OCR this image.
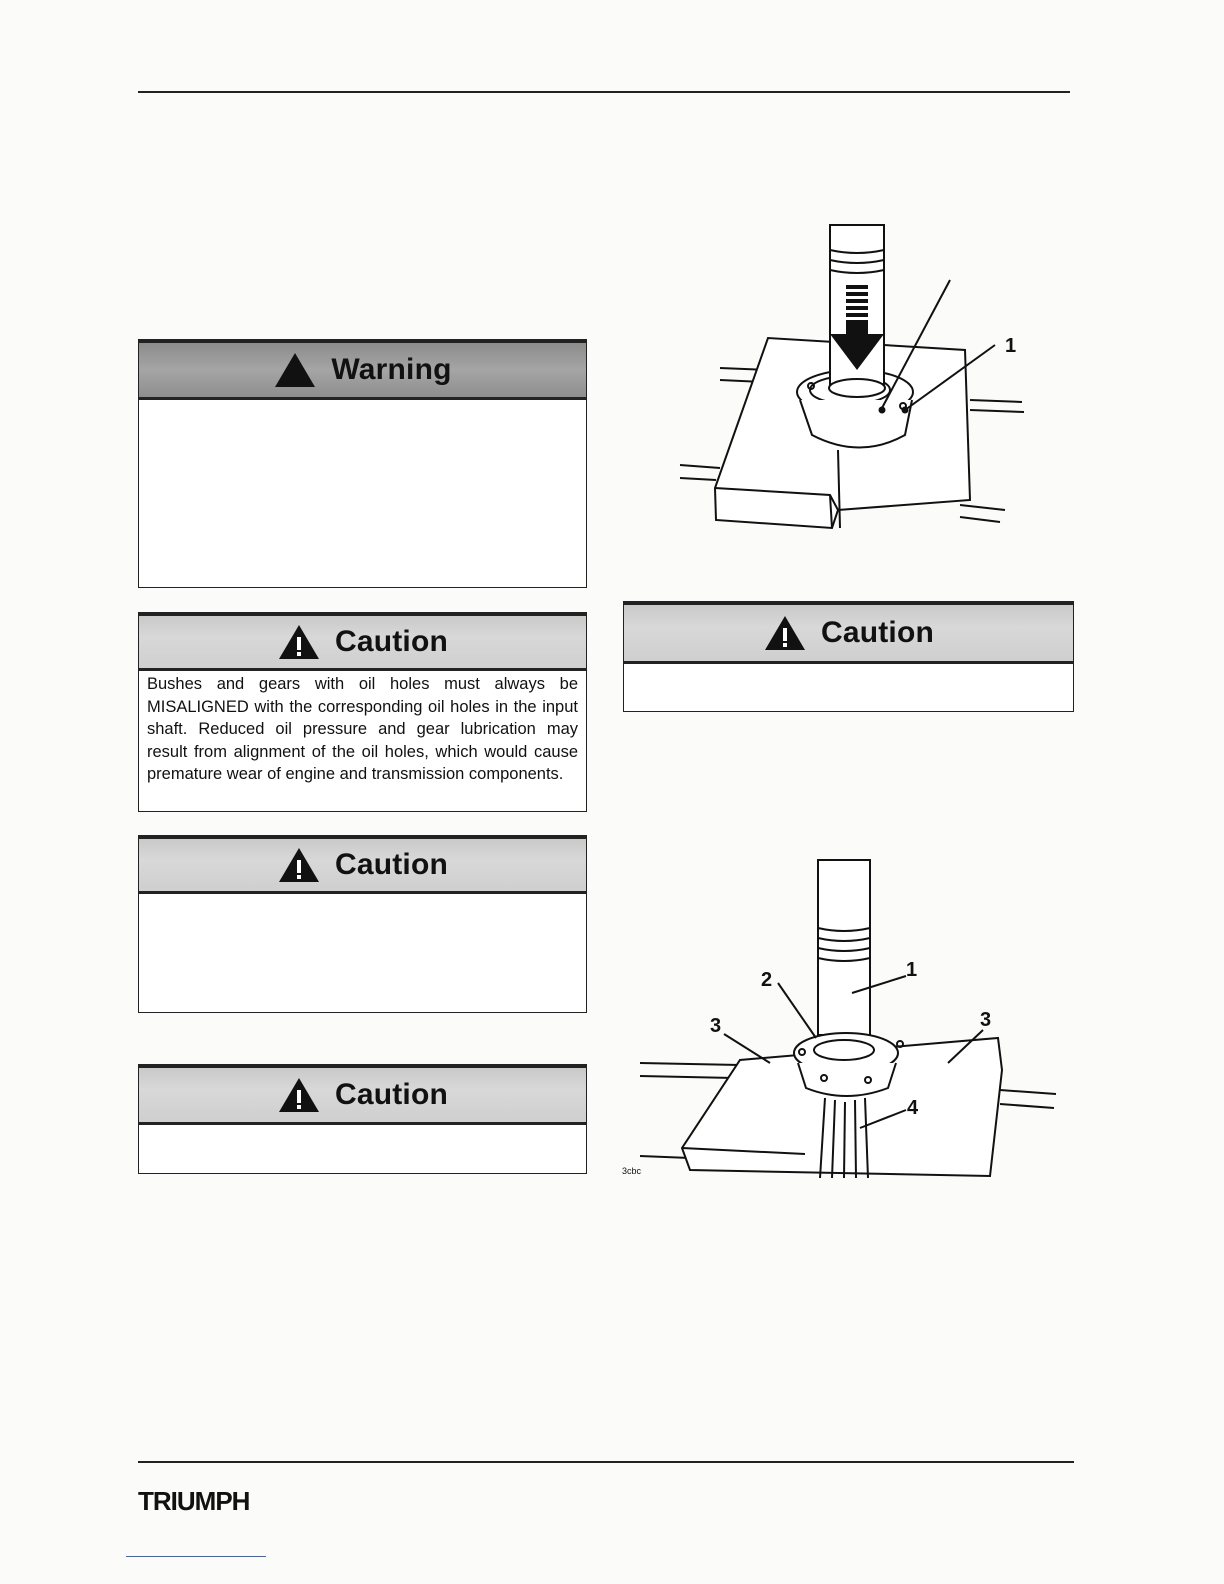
Warning
Caution
Bushes and gears with oil holes must always be MISALIGNED with the corresponding oil holes in the input shaft. Reduced oil pressure and gear lubrication may result from alignment of the oil holes, which would cause premature wear of engine and transmission components.
Caution
Caution
Caution
1
1
2
3	3
4
3cbc
TRIUMPH
